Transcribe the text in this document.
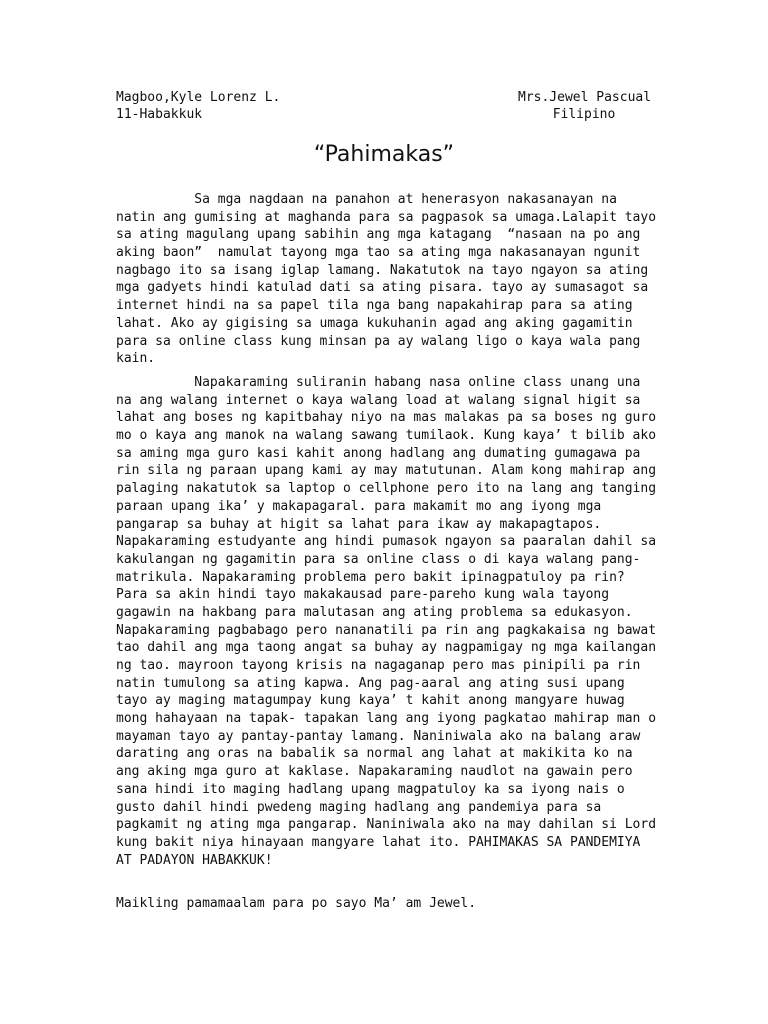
Magboo,Kyle Lorenz L.	Mrs.Jewel Pascual
11-Habakkuk	Filipino
“Pahimakas”
Sa mga nagdaan na panahon at henerasyon nakasanayan na
natin ang gumising at maghanda para sa pagpasok sa umaga.Lalapit tayo
sa ating magulang upang sabihin ang mga katagang  “nasaan na po ang
aking baon”  namulat tayong mga tao sa ating mga nakasanayan ngunit
nagbago ito sa isang iglap lamang. Nakatutok na tayo ngayon sa ating
mga gadyets hindi katulad dati sa ating pisara. tayo ay sumasagot sa
internet hindi na sa papel tila nga bang napakahirap para sa ating
lahat. Ako ay gigising sa umaga kukuhanin agad ang aking gagamitin
para sa online class kung minsan pa ay walang ligo o kaya wala pang
kain.
Napakaraming suliranin habang nasa online class unang una
na ang walang internet o kaya walang load at walang signal higit sa
lahat ang boses ng kapitbahay niyo na mas malakas pa sa boses ng guro
mo o kaya ang manok na walang sawang tumilaok. Kung kaya’ t bilib ako
sa aming mga guro kasi kahit anong hadlang ang dumating gumagawa pa
rin sila ng paraan upang kami ay may matutunan. Alam kong mahirap ang
palaging nakatutok sa laptop o cellphone pero ito na lang ang tanging
paraan upang ika’ y makapagaral. para makamit mo ang iyong mga
pangarap sa buhay at higit sa lahat para ikaw ay makapagtapos.
Napakaraming estudyante ang hindi pumasok ngayon sa paaralan dahil sa
kakulangan ng gagamitin para sa online class o di kaya walang pang-
matrikula. Napakaraming problema pero bakit ipinagpatuloy pa rin?
Para sa akin hindi tayo makakausad pare-pareho kung wala tayong
gagawin na hakbang para malutasan ang ating problema sa edukasyon.
Napakaraming pagbabago pero nananatili pa rin ang pagkakaisa ng bawat
tao dahil ang mga taong angat sa buhay ay nagpamigay ng mga kailangan
ng tao. mayroon tayong krisis na nagaganap pero mas pinipili pa rin
natin tumulong sa ating kapwa. Ang pag-aaral ang ating susi upang
tayo ay maging matagumpay kung kaya’ t kahit anong mangyare huwag
mong hahayaan na tapak- tapakan lang ang iyong pagkatao mahirap man o
mayaman tayo ay pantay-pantay lamang. Naniniwala ako na balang araw
darating ang oras na babalik sa normal ang lahat at makikita ko na
ang aking mga guro at kaklase. Napakaraming naudlot na gawain pero
sana hindi ito maging hadlang upang magpatuloy ka sa iyong nais o
gusto dahil hindi pwedeng maging hadlang ang pandemiya para sa
pagkamit ng ating mga pangarap. Naniniwala ako na may dahilan si Lord
kung bakit niya hinayaan mangyare lahat ito. PAHIMAKAS SA PANDEMIYA
AT PADAYON HABAKKUK!
Maikling pamamaalam para po sayo Ma’ am Jewel.
